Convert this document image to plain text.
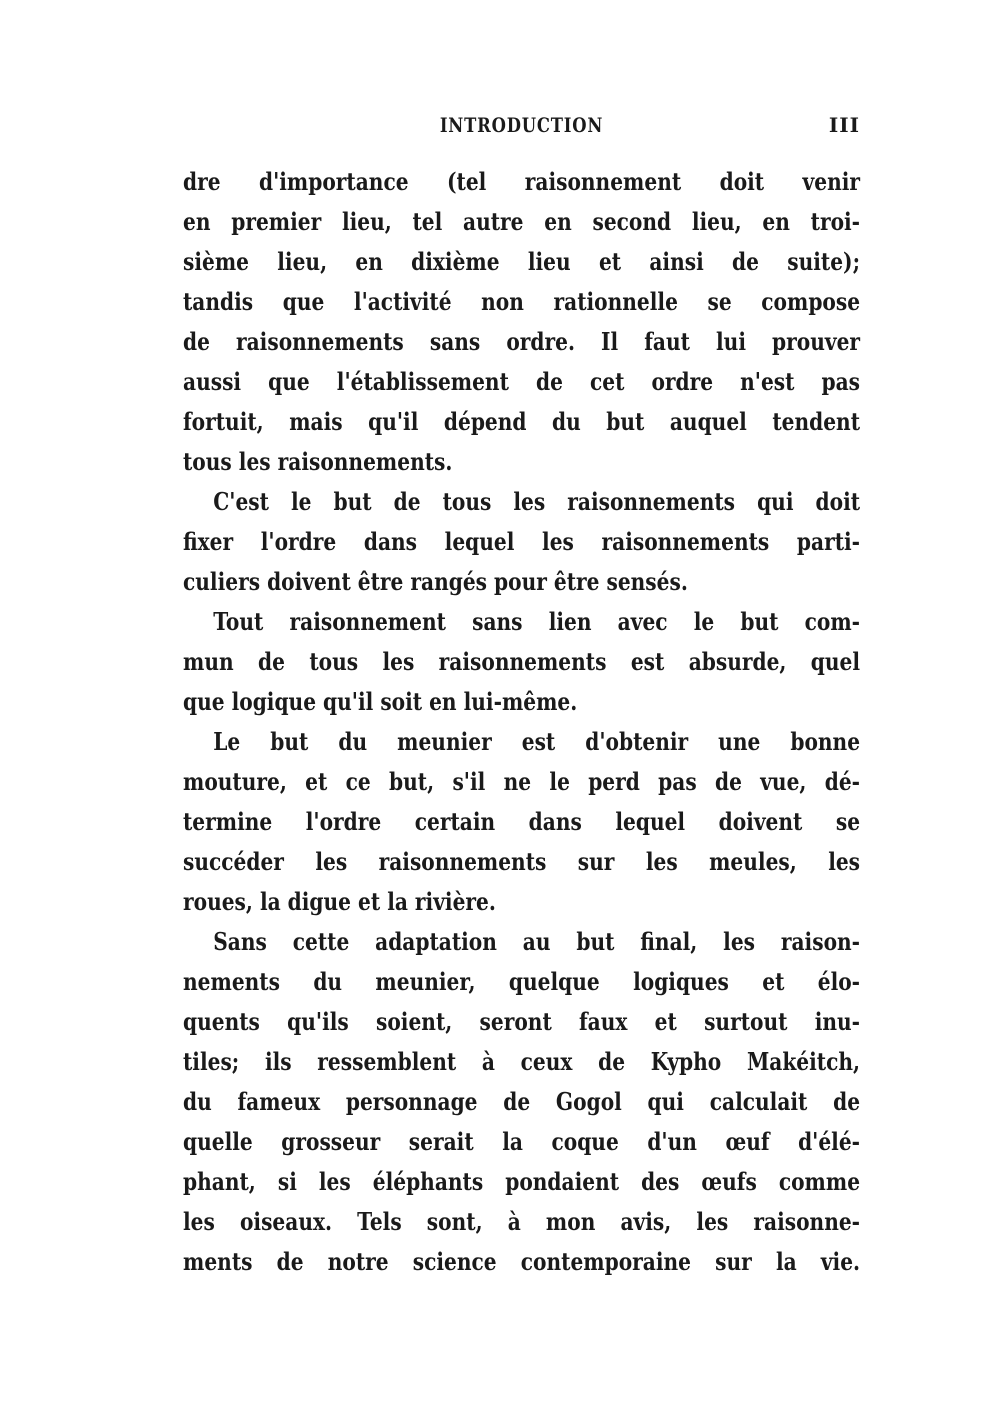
INTRODUCTION	III
dre d'importance (tel raisonnement doit venir
en premier lieu, tel autre en second lieu, en troi-
sième lieu, en dixième lieu et ainsi de suite);
tandis que l'activité non rationnelle se compose
de raisonnements sans ordre. Il faut lui prouver
aussi que l'établissement de cet ordre n'est pas
fortuit, mais qu'il dépend du but auquel tendent
tous les raisonnements.
C'est le but de tous les raisonnements qui doit
fixer l'ordre dans lequel les raisonnements parti-
culiers doivent être rangés pour être sensés.
Tout raisonnement sans lien avec le but com-
mun de tous les raisonnements est absurde, quel
que logique qu'il soit en lui-même.
Le but du meunier est d'obtenir une bonne
mouture, et ce but, s'il ne le perd pas de vue, dé-
termine l'ordre certain dans lequel doivent se
succéder les raisonnements sur les meules, les
roues, la digue et la rivière.
Sans cette adaptation au but final, les raison-
nements du meunier, quelque logiques et élo-
quents qu'ils soient, seront faux et surtout inu-
tiles; ils ressemblent à ceux de Kypho Makéitch,
du fameux personnage de Gogol qui calculait de
quelle grosseur serait la coque d'un œuf d'élé-
phant, si les éléphants pondaient des œufs comme
les oiseaux. Tels sont, à mon avis, les raisonne-
ments de notre science contemporaine sur la vie.
